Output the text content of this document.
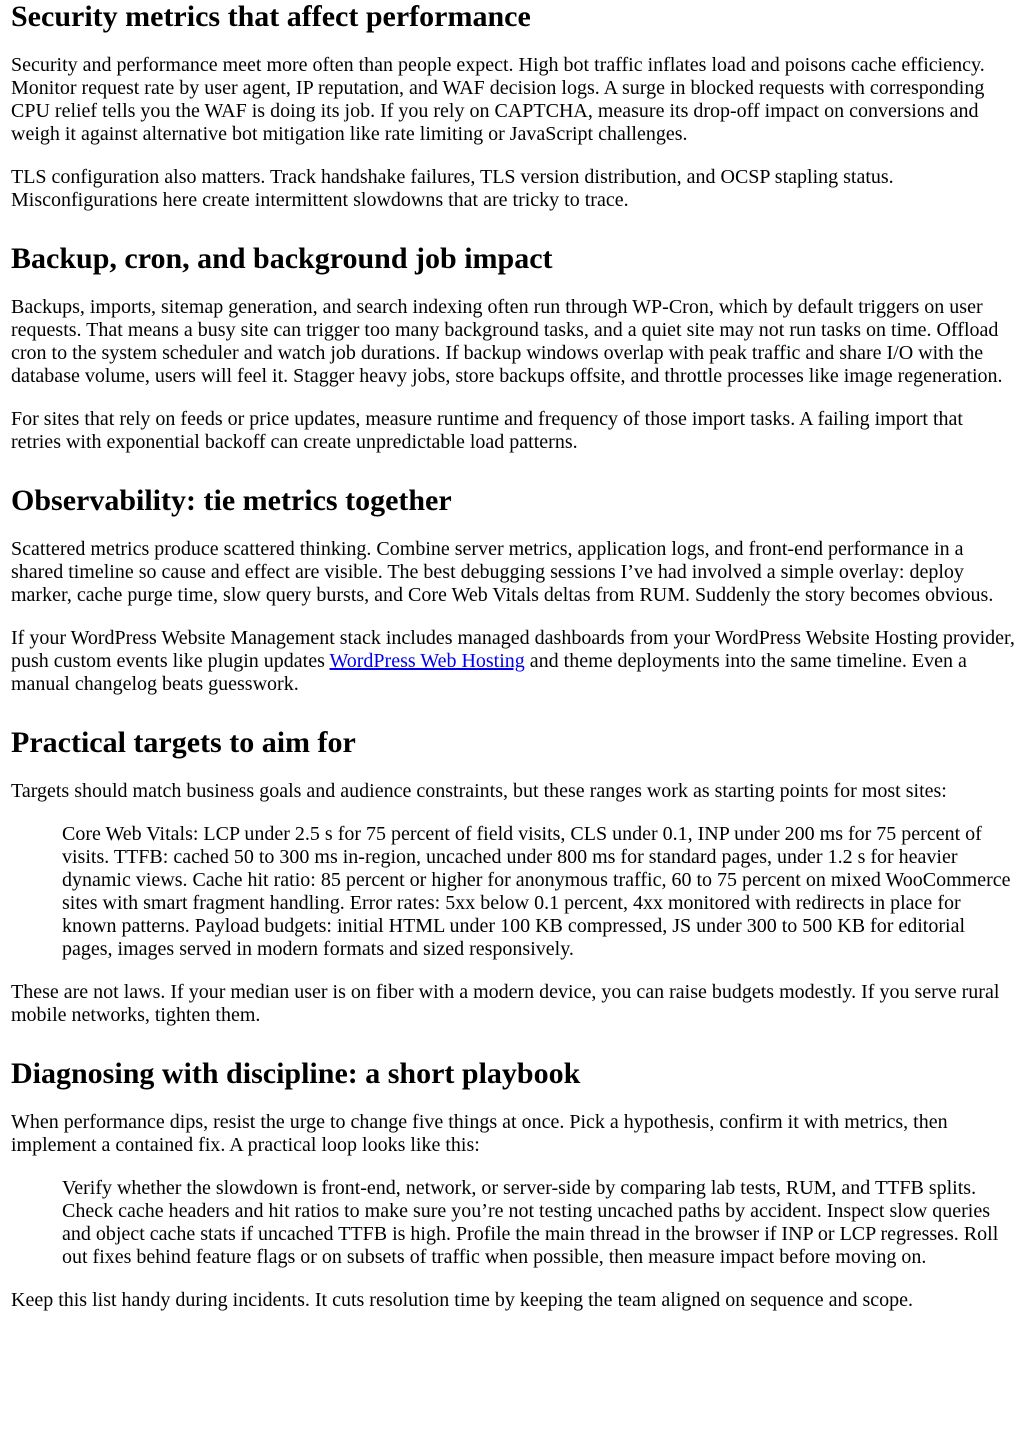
Security metrics that affect performance

Security and performance meet more often than people expect. High bot traffic inflates load and poisons cache efficiency. Monitor request rate by user agent, IP reputation, and WAF decision logs. A surge in blocked requests with corresponding CPU relief tells you the WAF is doing its job. If you rely on CAPTCHA, measure its drop-off impact on conversions and weigh it against alternative bot mitigation like rate limiting or JavaScript challenges.

TLS configuration also matters. Track handshake failures, TLS version distribution, and OCSP stapling status. Misconfigurations here create intermittent slowdowns that are tricky to trace.

Backup, cron, and background job impact

Backups, imports, sitemap generation, and search indexing often run through WP-Cron, which by default triggers on user requests. That means a busy site can trigger too many background tasks, and a quiet site may not run tasks on time. Offload cron to the system scheduler and watch job durations. If backup windows overlap with peak traffic and share I/O with the database volume, users will feel it. Stagger heavy jobs, store backups offsite, and throttle processes like image regeneration.

For sites that rely on feeds or price updates, measure runtime and frequency of those import tasks. A failing import that retries with exponential backoff can create unpredictable load patterns.

Observability: tie metrics together

Scattered metrics produce scattered thinking. Combine server metrics, application logs, and front-end performance in a shared timeline so cause and effect are visible. The best debugging sessions I’ve had involved a simple overlay: deploy marker, cache purge time, slow query bursts, and Core Web Vitals deltas from RUM. Suddenly the story becomes obvious.

If your WordPress Website Management stack includes managed dashboards from your WordPress Website Hosting provider, push custom events like plugin updates WordPress Web Hosting and theme deployments into the same timeline. Even a manual changelog beats guesswork.

Practical targets to aim for

Targets should match business goals and audience constraints, but these ranges work as starting points for most sites:

Core Web Vitals: LCP under 2.5 s for 75 percent of field visits, CLS under 0.1, INP under 200 ms for 75 percent of visits. TTFB: cached 50 to 300 ms in-region, uncached under 800 ms for standard pages, under 1.2 s for heavier dynamic views. Cache hit ratio: 85 percent or higher for anonymous traffic, 60 to 75 percent on mixed WooCommerce sites with smart fragment handling. Error rates: 5xx below 0.1 percent, 4xx monitored with redirects in place for known patterns. Payload budgets: initial HTML under 100 KB compressed, JS under 300 to 500 KB for editorial pages, images served in modern formats and sized responsively.

These are not laws. If your median user is on fiber with a modern device, you can raise budgets modestly. If you serve rural mobile networks, tighten them.

Diagnosing with discipline: a short playbook

When performance dips, resist the urge to change five things at once. Pick a hypothesis, confirm it with metrics, then implement a contained fix. A practical loop looks like this:

Verify whether the slowdown is front-end, network, or server-side by comparing lab tests, RUM, and TTFB splits. Check cache headers and hit ratios to make sure you’re not testing uncached paths by accident. Inspect slow queries and object cache stats if uncached TTFB is high. Profile the main thread in the browser if INP or LCP regresses. Roll out fixes behind feature flags or on subsets of traffic when possible, then measure impact before moving on.

Keep this list handy during incidents. It cuts resolution time by keeping the team aligned on sequence and scope.
